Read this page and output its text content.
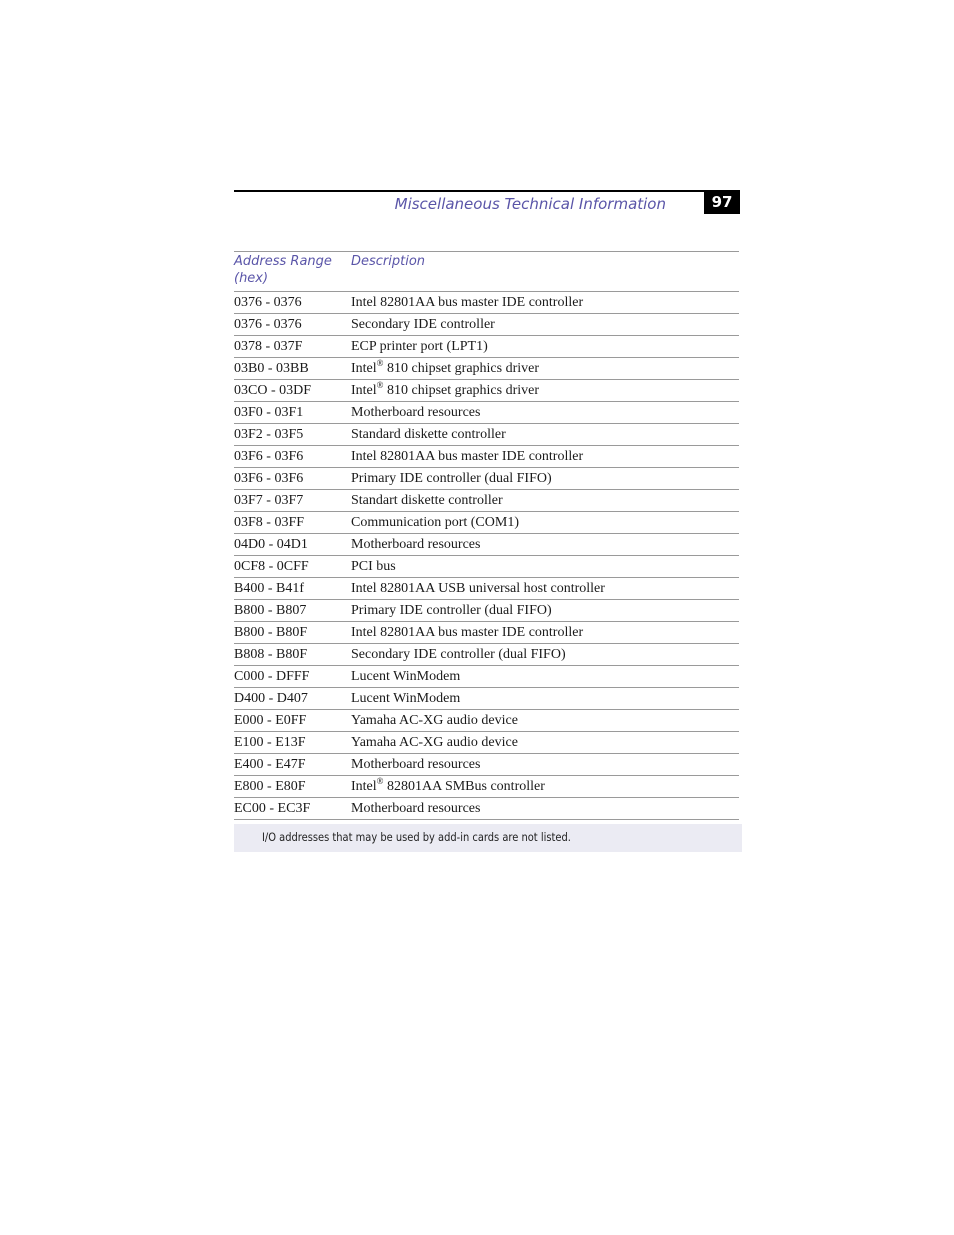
Miscellaneous Technical Information	97
Address Range (hex)	Description
0376 - 0376	Intel 82801AA bus master IDE controller
0376 - 0376	Secondary IDE controller
0378 - 037F	ECP printer port (LPT1)
03B0 - 03BB	Intel® 810 chipset graphics driver
03CO - 03DF	Intel® 810 chipset graphics driver
03F0 - 03F1	Motherboard resources
03F2 - 03F5	Standard diskette controller
03F6 - 03F6	Intel 82801AA bus master IDE controller
03F6 - 03F6	Primary IDE controller (dual FIFO)
03F7 - 03F7	Standart diskette controller
03F8 - 03FF	Communication port (COM1)
04D0 - 04D1	Motherboard resources
0CF8 - 0CFF	PCI bus
B400 - B41f	Intel 82801AA USB universal host controller
B800 - B807	Primary IDE controller (dual FIFO)
B800 - B80F	Intel 82801AA bus master IDE controller
B808 - B80F	Secondary IDE controller (dual FIFO)
C000 - DFFF	Lucent WinModem
D400 - D407	Lucent WinModem
E000 - E0FF	Yamaha AC-XG audio device
E100 - E13F	Yamaha AC-XG audio device
E400 - E47F	Motherboard resources
E800 - E80F	Intel® 82801AA SMBus controller
EC00 - EC3F	Motherboard resources
I/O addresses that may be used by add-in cards are not listed.
